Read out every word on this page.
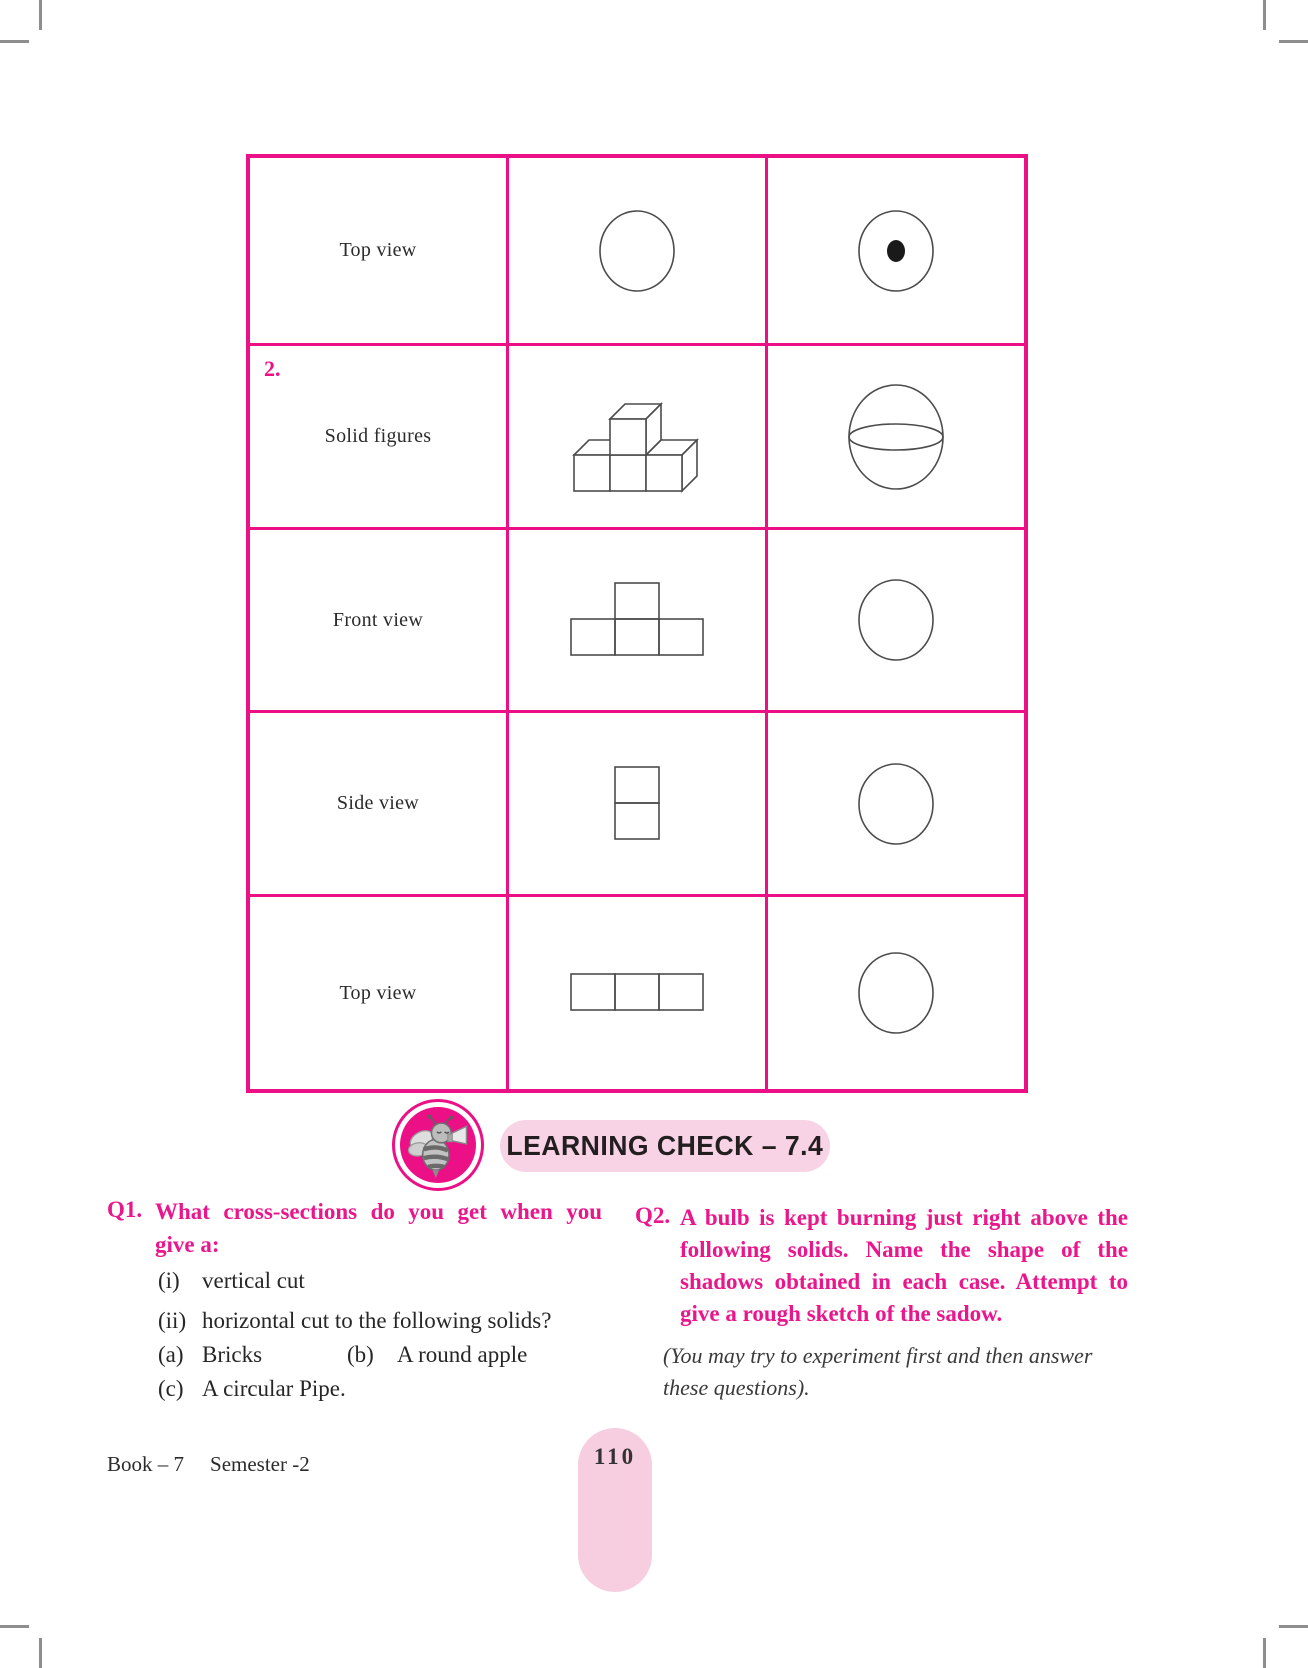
Top view
2.
Solid figures
Front view
Side view
Top view
LEARNING CHECK – 7.4
Q1. What cross-sections do you get when you
give a:
(i) vertical cut
(ii) horizontal cut to the following solids?
(a) Bricks	(b) A round apple
(c) A circular Pipe.
Q2. A bulb is kept burning just right above the
following solids. Name the shape of the
shadows obtained in each case. Attempt to
give a rough sketch of the sadow.
(You may try to experiment first and then answer
these questions).
Book – 7 Semester -2	110
